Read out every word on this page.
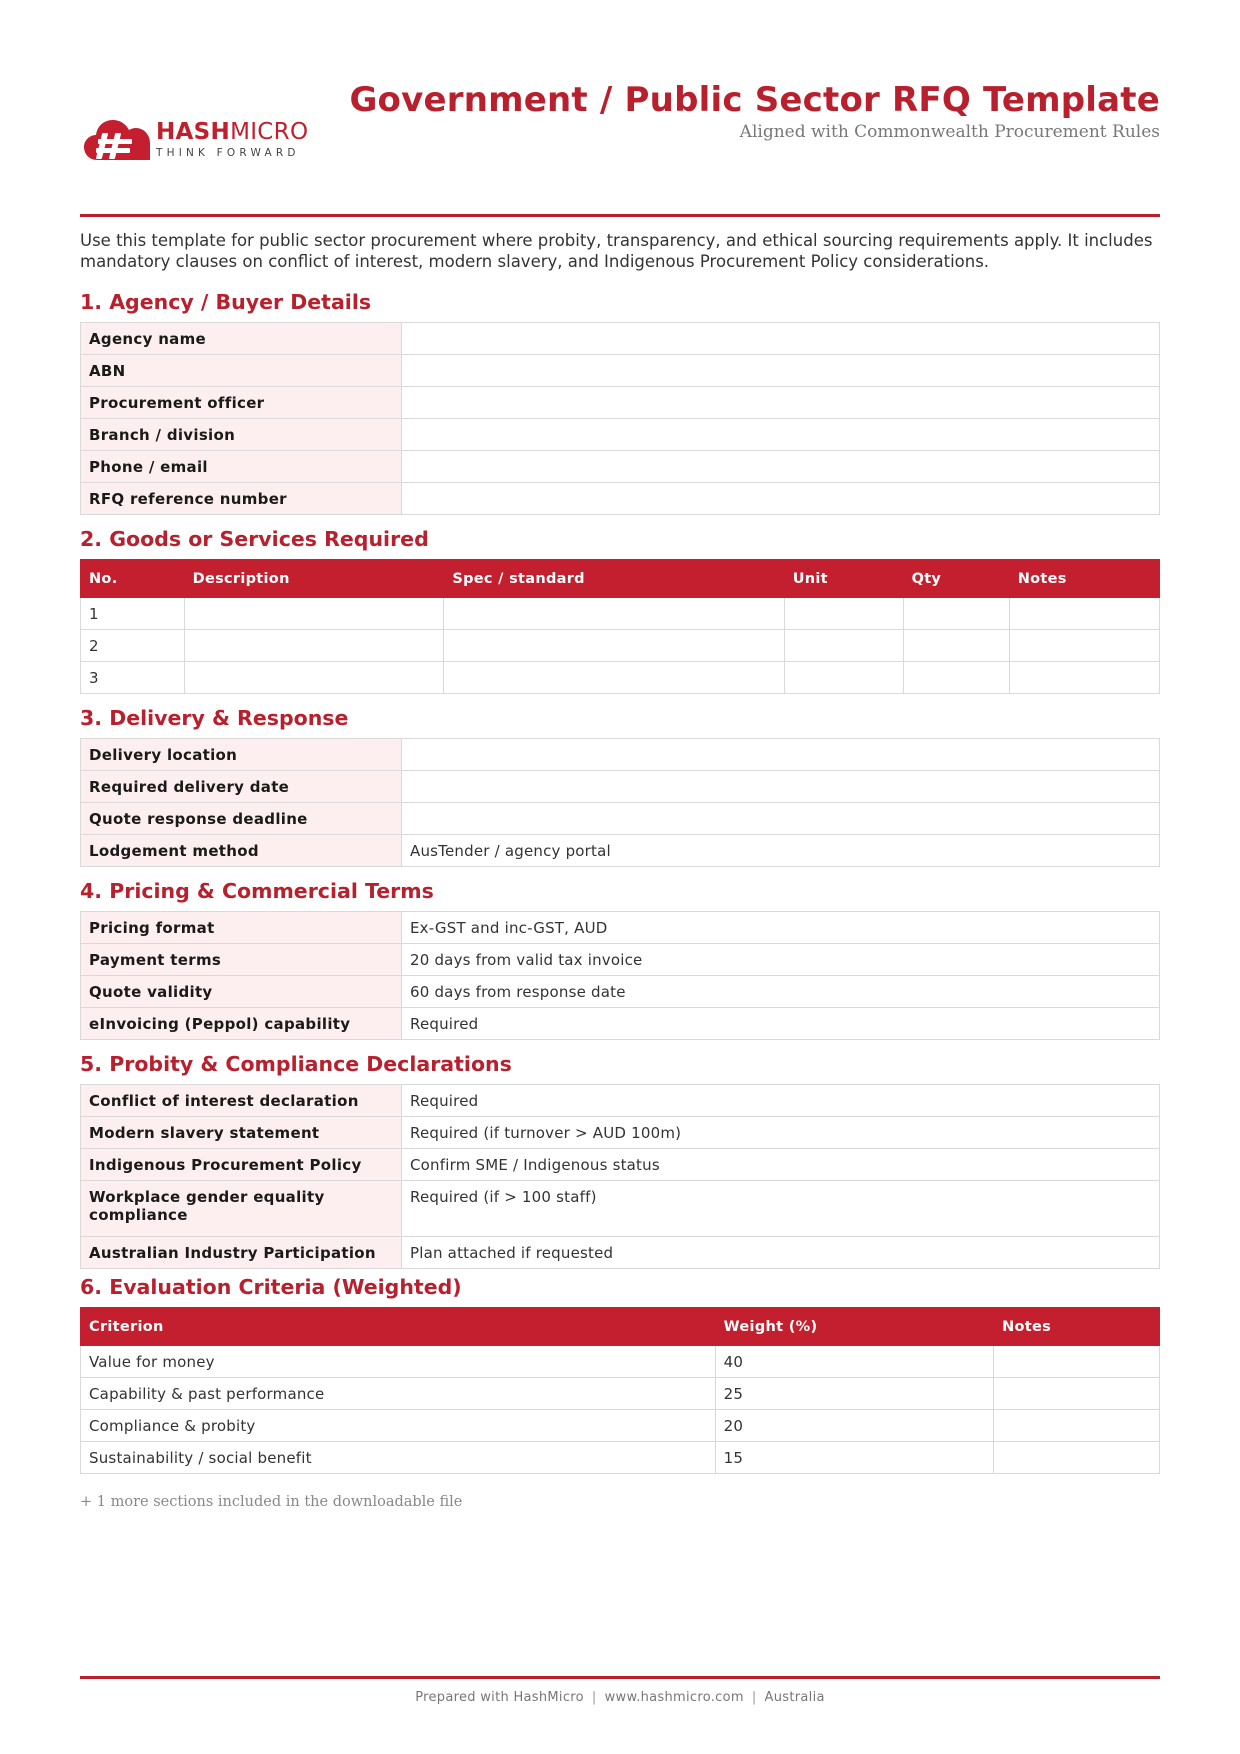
HASHMICRO
THINK FORWARD
Government / Public Sector RFQ Template
Aligned with Commonwealth Procurement Rules
Use this template for public sector procurement where probity, transparency, and ethical sourcing requirements apply. It includes mandatory clauses on conflict of interest, modern slavery, and Indigenous Procurement Policy considerations.
1. Agency / Buyer Details
Agency name	
ABN	
Procurement officer	
Branch / division	
Phone / email	
RFQ reference number	
2. Goods or Services Required
No.	Description	Spec / standard	Unit	Qty	Notes
1					
2					
3					
3. Delivery & Response
Delivery location	
Required delivery date	
Quote response deadline	
Lodgement method	AusTender / agency portal
4. Pricing & Commercial Terms
Pricing format	Ex-GST and inc-GST, AUD
Payment terms	20 days from valid tax invoice
Quote validity	60 days from response date
eInvoicing (Peppol) capability	Required
5. Probity & Compliance Declarations
Conflict of interest declaration	Required
Modern slavery statement	Required (if turnover > AUD 100m)
Indigenous Procurement Policy	Confirm SME / Indigenous status
Workplace gender equality compliance	Required (if > 100 staff)
Australian Industry Participation	Plan attached if requested
6. Evaluation Criteria (Weighted)
Criterion	Weight (%)	Notes
Value for money	40	
Capability & past performance	25	
Compliance & probity	20	
Sustainability / social benefit	15	
+ 1 more sections included in the downloadable file
Prepared with HashMicro | www.hashmicro.com | Australia
